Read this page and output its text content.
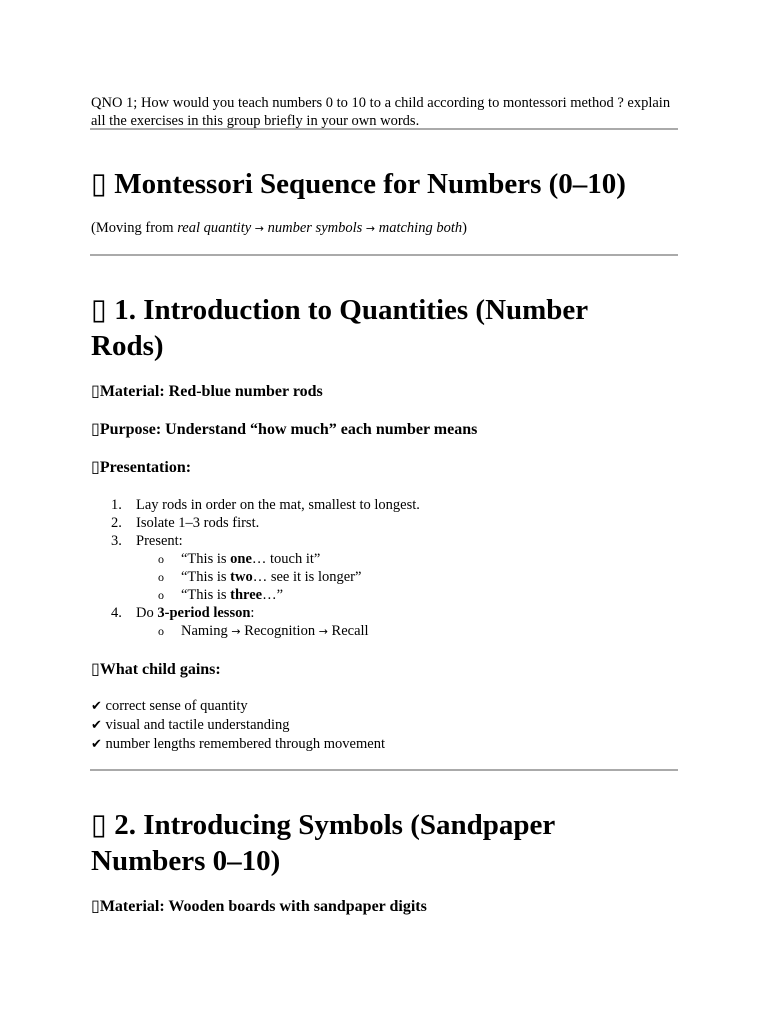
QNO 1; How would you teach numbers 0 to 10 to a child according to montessori method ? explain all the exercises in this group briefly in your own words.
▯ Montessori Sequence for Numbers (0–10)
(Moving from real quantity → number symbols → matching both)
▯ 1. Introduction to Quantities (Number
Rods)
▯Material: Red-blue number rods
▯Purpose: Understand “how much” each number means
▯Presentation:
1. Lay rods in order on the mat, smallest to longest.
2. Isolate 1–3 rods first.
3. Present:
o “This is one… touch it”
o “This is two… see it is longer”
o “This is three…”
4. Do 3-period lesson:
o Naming → Recognition → Recall
▯What child gains:
✔ correct sense of quantity
✔ visual and tactile understanding
✔ number lengths remembered through movement
▯ 2. Introducing Symbols (Sandpaper
Numbers 0–10)
▯Material: Wooden boards with sandpaper digits
